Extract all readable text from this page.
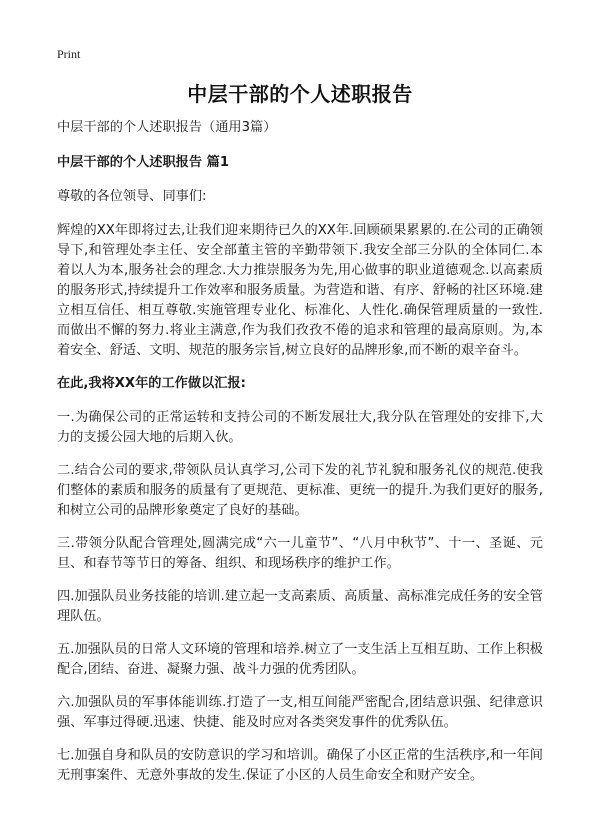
Print
中层干部的个人述职报告

中层干部的个人述职报告（通用3篇）

中层干部的个人述职报告 篇1

尊敬的各位领导、同事们:

辉煌的XX年即将过去,让我们迎来期待已久的XX年.回顾硕果累累的.在公司的正确领导下,和管理处李主任、安全部董主管的辛勤带领下.我安全部三分队的全体同仁.本着以人为本,服务社会的理念.大力推崇服务为先,用心做事的职业道德观念.以高素质的服务形式,持续提升工作效率和服务质量。为营造和谐、有序、舒畅的社区环境.建立相互信任、相互尊敬.实施管理专业化、标准化、人性化.确保管理质量的一致性.而做出不懈的努力.将业主满意,作为我们孜孜不倦的追求和管理的最高原则。为,本着安全、舒适、文明、规范的服务宗旨,树立良好的品牌形象,而不断的艰辛奋斗。

在此,我将XX年的工作做以汇报:

一.为确保公司的正常运转和支持公司的不断发展壮大,我分队在管理处的安排下,大力的支援公园大地的后期入伙。

二.结合公司的要求,带领队员认真学习,公司下发的礼节礼貌和服务礼仪的规范.使我们整体的素质和服务的质量有了更规范、更标准、更统一的提升.为我们更好的服务,和树立公司的品牌形象奠定了良好的基础。

三.带领分队配合管理处,圆满完成“六一儿童节”、“八月中秋节”、十一、圣诞、元旦、和春节等节日的筹备、组织、和现场秩序的维护工作。

四.加强队员业务技能的培训.建立起一支高素质、高质量、高标准完成任务的安全管理队伍。

五.加强队员的日常人文环境的管理和培养.树立了一支生活上互相互助、工作上积极配合,团结、奋进、凝聚力强、战斗力强的优秀团队。

六.加强队员的军事体能训练.打造了一支,相互间能严密配合,团结意识强、纪律意识强、军事过得硬.迅速、快捷、能及时应对各类突发事件的优秀队伍。

七.加强自身和队员的安防意识的学习和培训。确保了小区正常的生活秩序,和一年间无刑事案件、无意外事故的发生.保证了小区的人员生命安全和财产安全。
